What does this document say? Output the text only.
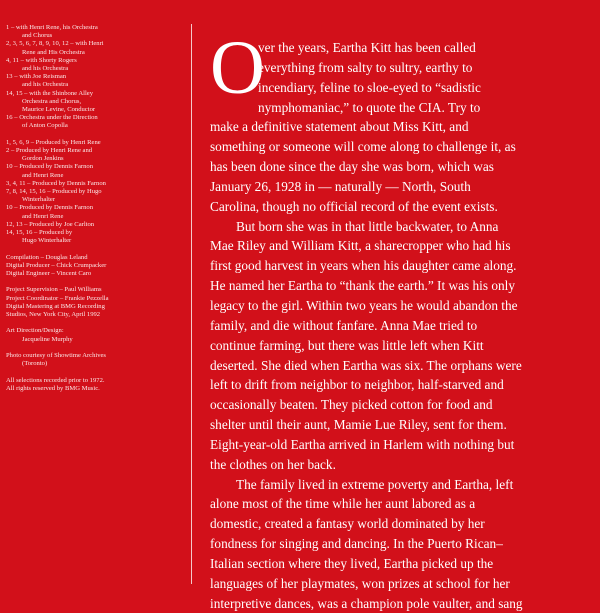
1 – with Henri Rene, his Orchestra
and Chorus
2, 3, 5, 6, 7, 8, 9, 10, 12 – with Henri
Rene and His Orchestra
4, 11 – with Shorty Rogers
and his Orchestra
13 – with Joe Reisman
and his Orchestra
14, 15 – with the Shinbone Alley
Orchestra and Chorus,
Maurice Levine, Conductor
16 – Orchestra under the Direction
of Anton Copolla
1, 5, 6, 9 – Produced by Henri Rene
2 – Produced by Henri Rene and
Gordon Jenkins
10 – Produced by Dennis Farnon
and Henri Rene
3, 4, 11 – Produced by Dennis Farnon
7, 8, 14, 15, 16 – Produced by Hugo
Winterhalter
10 – Produced by Dennis Farnon
and Henri Rene
12, 13 – Produced by Joe Carlton
14, 15, 16 – Produced by
Hugo Winterhalter
Compilation – Douglas Leland
Digital Producer – Chick Crumpacker
Digital Engineer – Vincent Caro
Project Supervision – Paul Williams
Project Coordinator – Frankie Pezzella
Digital Mastering at BMG Recording
Studios, New York City, April 1992
Art Direction/Design:
Jacqueline Murphy
Photo courtesy of Showtime Archives
(Toronto)
All selections recorded prior to 1972.
All rights reserved by BMG Music.
O
ver the years, Eartha Kitt has been called
everything from salty to sultry, earthy to
incendiary, feline to sloe-eyed to “sadistic
nymphomaniac,” to quote the CIA. Try to
make a definitive statement about Miss Kitt, and
something or someone will come along to challenge it, as
has been done since the day she was born, which was
January 26, 1928 in — naturally — North, South
Carolina, though no official record of the event exists.
But born she was in that little backwater, to Anna
Mae Riley and William Kitt, a sharecropper who had his
first good harvest in years when his daughter came along.
He named her Eartha to “thank the earth.” It was his only
legacy to the girl. Within two years he would abandon the
family, and die without fanfare. Anna Mae tried to
continue farming, but there was little left when Kitt
deserted. She died when Eartha was six. The orphans were
left to drift from neighbor to neighbor, half-starved and
occasionally beaten. They picked cotton for food and
shelter until their aunt, Mamie Lue Riley, sent for them.
Eight-year-old Eartha arrived in Harlem with nothing but
the clothes on her back.
The family lived in extreme poverty and Eartha, left
alone most of the time while her aunt labored as a
domestic, created a fantasy world dominated by her
fondness for singing and dancing. In the Puerto Rican–
Italian section where they lived, Eartha picked up the
languages of her playmates, won prizes at school for her
interpretive dances, was a champion pole vaulter, and sang
